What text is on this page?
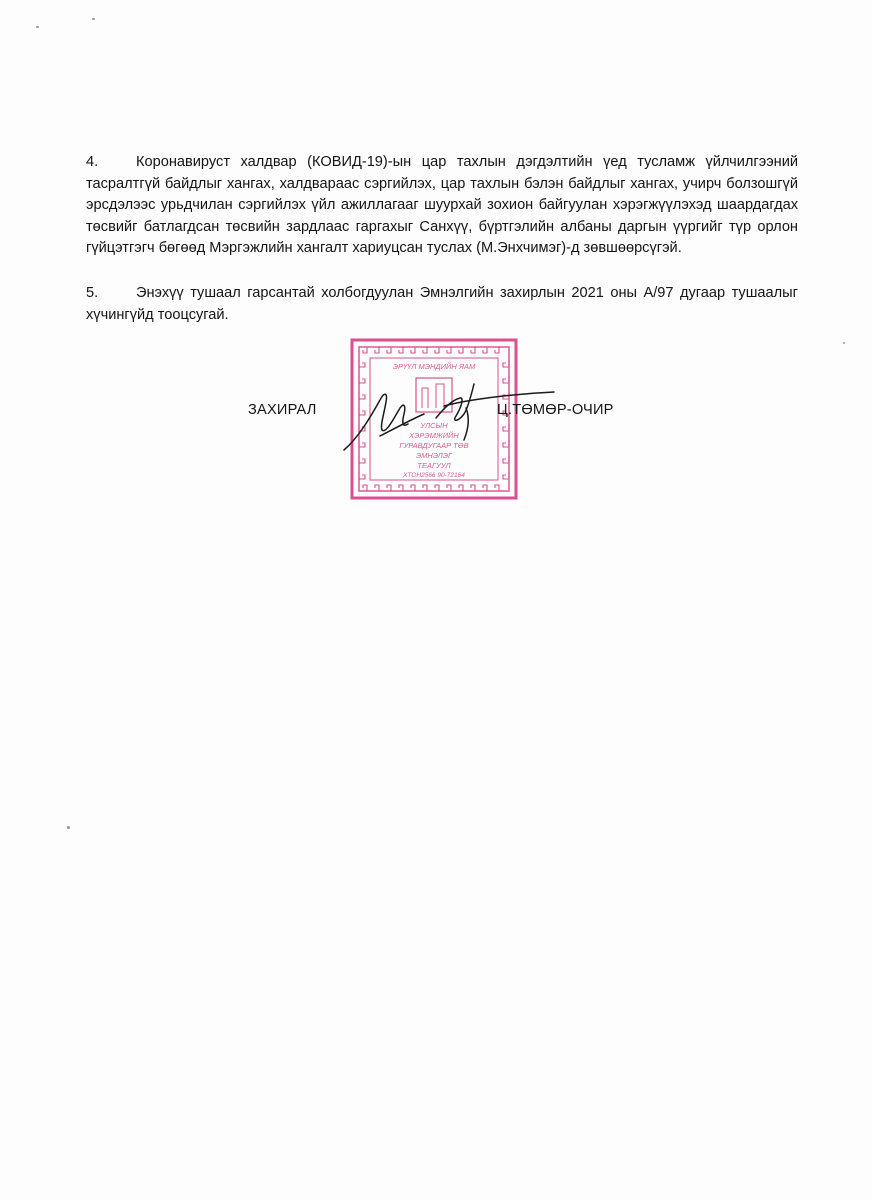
4.	Коронавируст халдвар (КОВИД-19)-ын цар тахлын дэгдэлтийн үед тусламж үйлчилгээний тасралтгүй байдлыг хангах, халдвараас сэргийлэх, цар тахлын бэлэн байдлыг хангах, учирч болзошгүй эрсдэлээс урьдчилан сэргийлэх үйл ажиллагааг шуурхай зохион байгуулан хэрэгжүүлэхэд шаардагдах төсвийг батлагдсан төсвийн зардлаас гаргахыг Санхүү, бүртгэлийн албаны даргын үүргийг түр орлон гүйцэтгэгч бөгөөд Мэргэжлийн хангалт хариуцсан туслах (М.Энхчимэг)-д зөвшөөрсүгэй.

5.	Энэхүү тушаал гарсантай холбогдуулан Эмнэлгийн захирлын 2021 оны А/97 дугаар тушаалыг хүчингүйд тооцсугай.

ЭРҮҮЛ МЭНДИЙН ЯАМ
УЛСЫН
ХЭРЭМЖИЙН
ГУРАВДУГААР ТӨВ
ЭМНЭЛЭГ
ТЕАГУУЛ
ХТОН2566 90-72164
ЗАХИРАЛ	Ц.ТӨМӨР-ОЧИР
